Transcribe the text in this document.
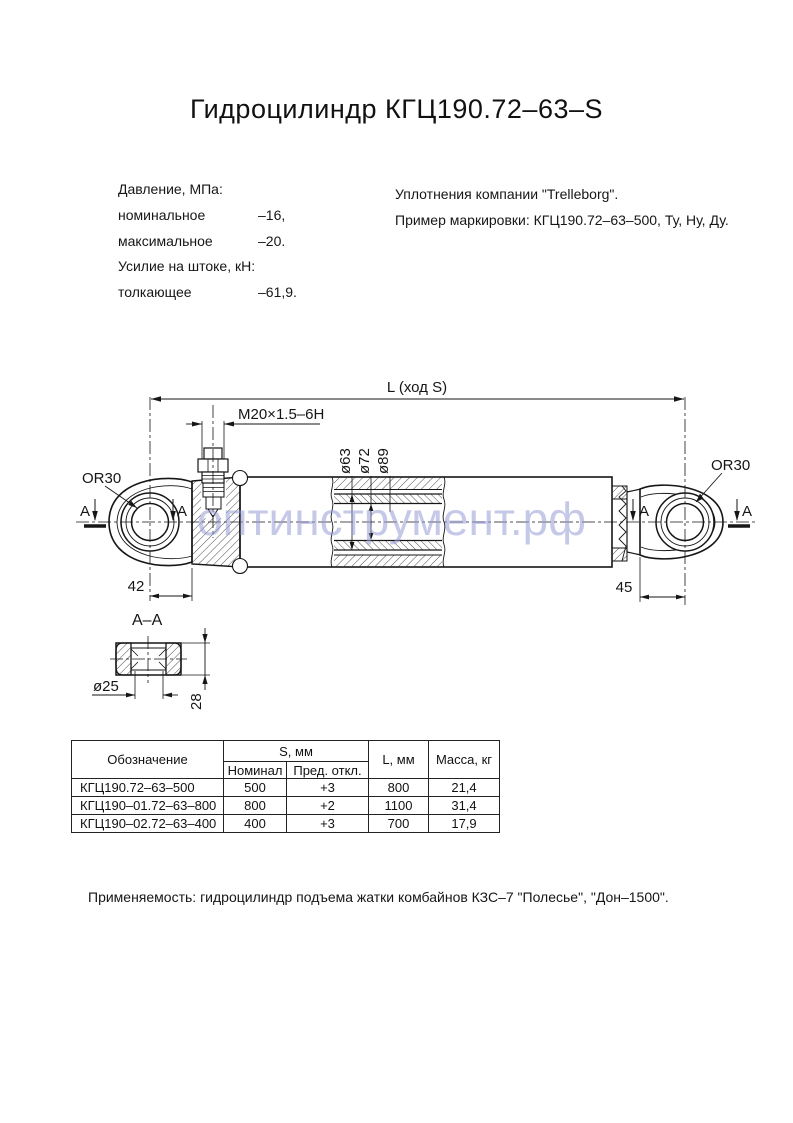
Гидроцилиндр КГЦ190.72–63–S
Давление, МПа:
номинальное	–16,
максимальное	–20.
Усилие на штоке, кН:
толкающее	–61,9.
Уплотнения компании "Trelleborg".
Пример маркировки: КГЦ190.72–63–500, Ту, Ну, Ду.
L (ход S)
M20×1.5–6H
ø63 ø72 ø89
OR30
OR30
А	А	А	А
42	45
А–А
ø25
28
оптинструмент.рф
Обозначение	S, мм		L, мм	Масса, кг
	Номинал	Пред. откл.		
КГЦ190.72–63–500	500	+3	800	21,4
КГЦ190–01.72–63–800	800	+2	1100	31,4
КГЦ190–02.72–63–400	400	+3	700	17,9
Применяемость: гидроцилиндр подъема жатки комбайнов КЗС–7 "Полесье", "Дон–1500".
